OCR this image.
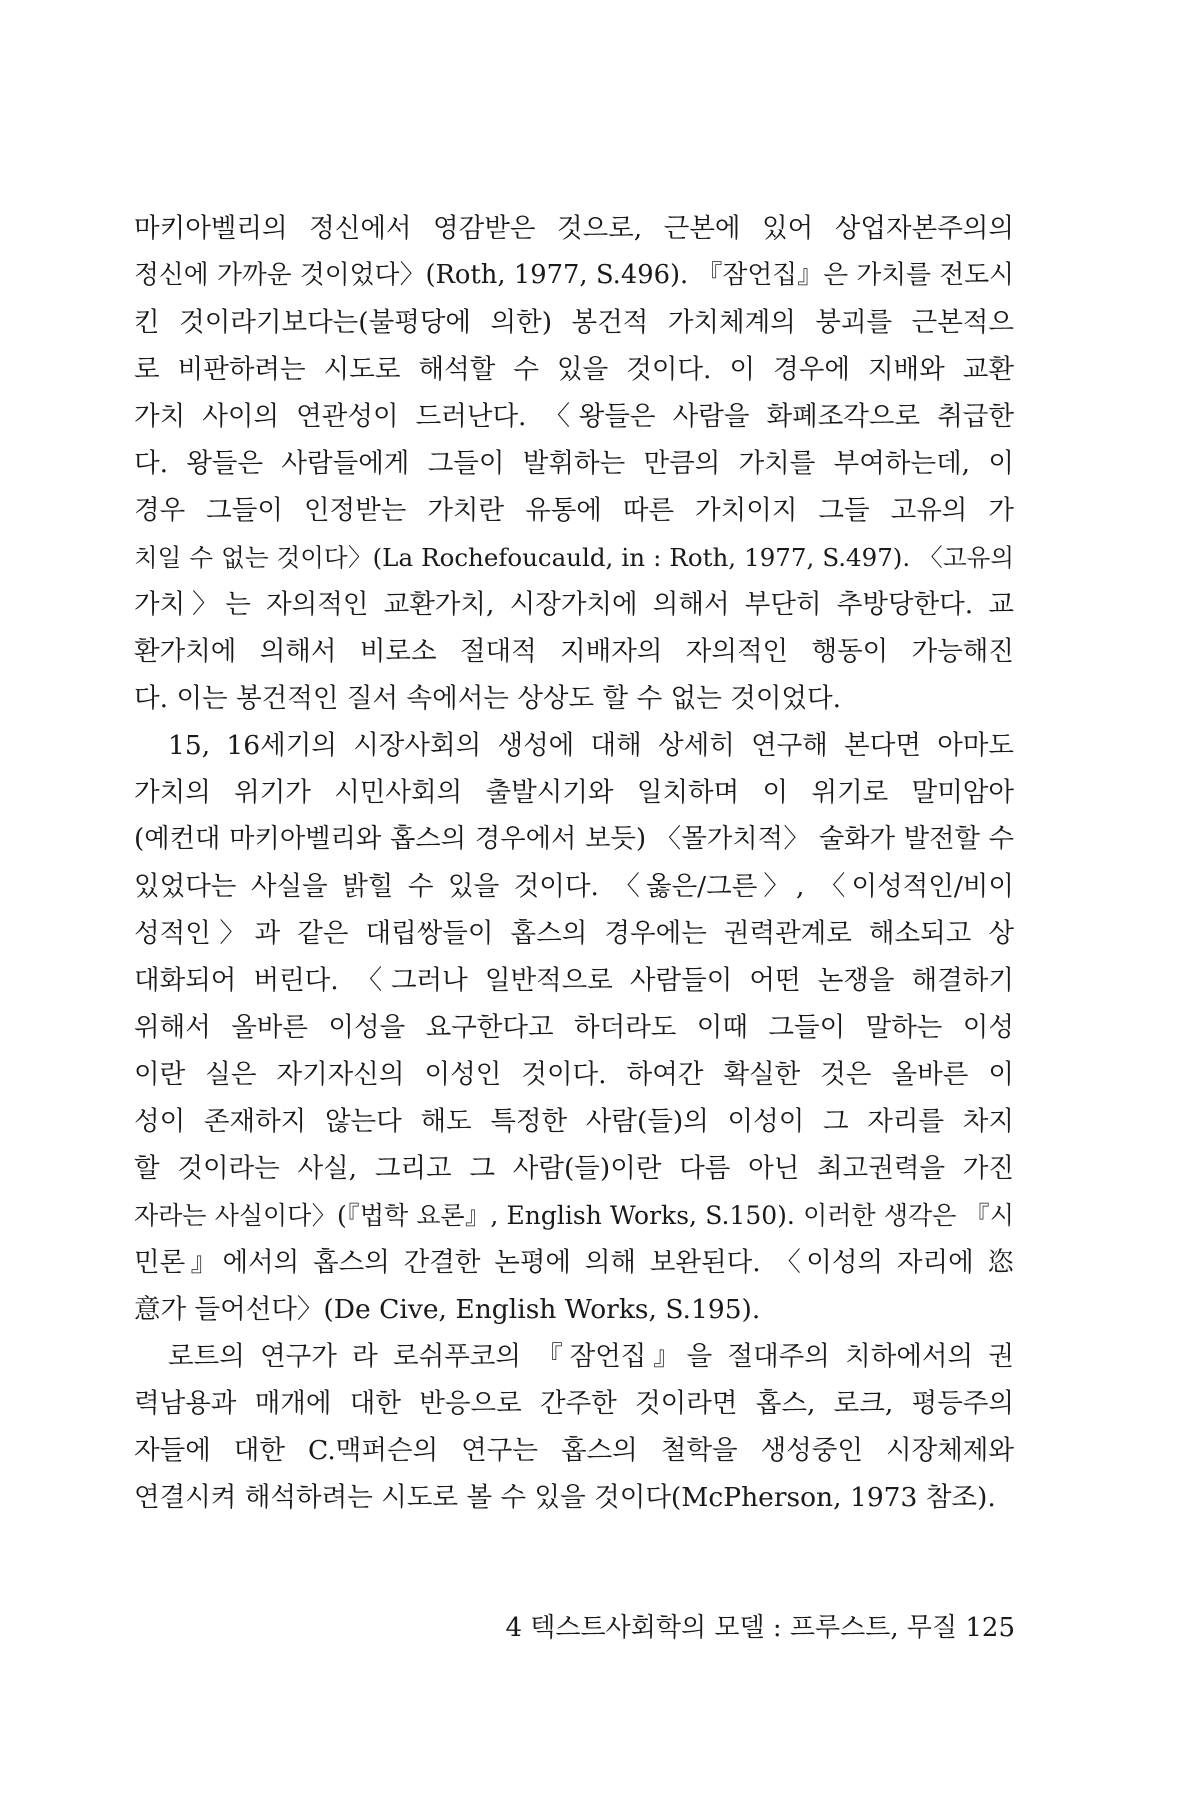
마키아벨리의 정신에서 영감받은 것으로, 근본에 있어 상업자본주의의
정신에 가까운 것이었다〉(Roth, 1977, S.496). 『잠언집』은 가치를 전도시
킨 것이라기보다는(불평당에 의한) 봉건적 가치체계의 붕괴를 근본적으
로 비판하려는 시도로 해석할 수 있을 것이다. 이 경우에 지배와 교환
가치 사이의 연관성이 드러난다. 〈왕들은 사람을 화폐조각으로 취급한
다. 왕들은 사람들에게 그들이 발휘하는 만큼의 가치를 부여하는데, 이
경우 그들이 인정받는 가치란 유통에 따른 가치이지 그들 고유의 가
치일 수 없는 것이다〉(La Rochefoucauld, in : Roth, 1977, S.497). 〈고유의
가치〉는 자의적인 교환가치, 시장가치에 의해서 부단히 추방당한다. 교
환가치에 의해서 비로소 절대적 지배자의 자의적인 행동이 가능해진
다. 이는 봉건적인 질서 속에서는 상상도 할 수 없는 것이었다.
15, 16세기의 시장사회의 생성에 대해 상세히 연구해 본다면 아마도
가치의 위기가 시민사회의 출발시기와 일치하며 이 위기로 말미암아
(예컨대 마키아벨리와 홉스의 경우에서 보듯) 〈몰가치적〉 술화가 발전할 수
있었다는 사실을 밝힐 수 있을 것이다. 〈옳은/그른〉, 〈이성적인/비이
성적인〉과 같은 대립쌍들이 홉스의 경우에는 권력관계로 해소되고 상
대화되어 버린다. 〈그러나 일반적으로 사람들이 어떤 논쟁을 해결하기
위해서 올바른 이성을 요구한다고 하더라도 이때 그들이 말하는 이성
이란 실은 자기자신의 이성인 것이다. 하여간 확실한 것은 올바른 이
성이 존재하지 않는다 해도 특정한 사람(들)의 이성이 그 자리를 차지
할 것이라는 사실, 그리고 그 사람(들)이란 다름 아닌 최고권력을 가진
자라는 사실이다〉(『법학 요론』, English Works, S.150). 이러한 생각은 『시
민론』에서의 홉스의 간결한 논평에 의해 보완된다. 〈이성의 자리에 恣
意가 들어선다〉(De Cive, English Works, S.195).
로트의 연구가 라 로쉬푸코의 『잠언집』을 절대주의 치하에서의 권
력남용과 매개에 대한 반응으로 간주한 것이라면 홉스, 로크, 평등주의
자들에 대한 C.맥퍼슨의 연구는 홉스의 철학을 생성중인 시장체제와
연결시켜 해석하려는 시도로 볼 수 있을 것이다(McPherson, 1973 참조).
4 텍스트사회학의 모델 : 프루스트, 무질 125
